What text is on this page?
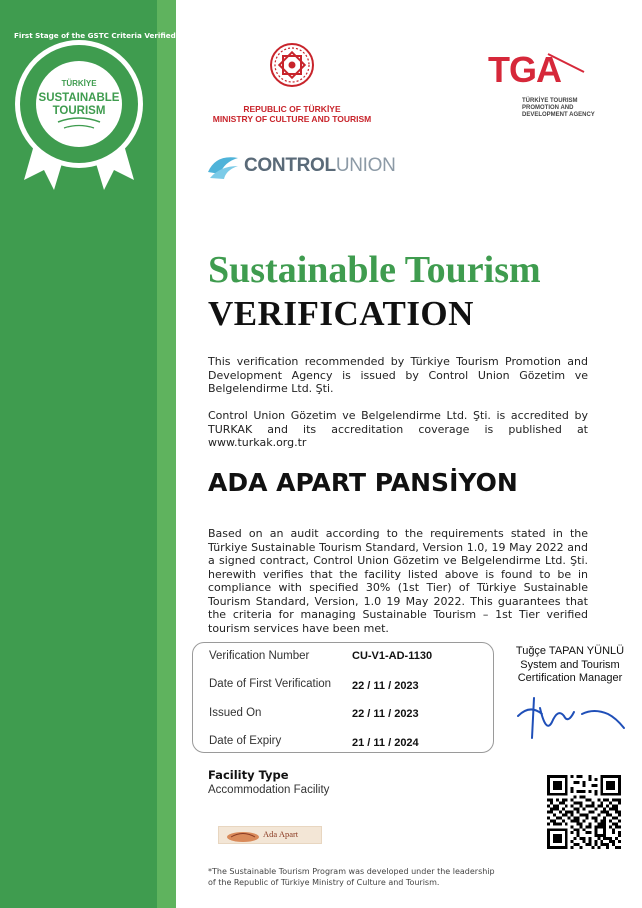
First Stage of the GSTC Criteria Verified
TÜRKİYE
SUSTAINABLE
TOURISM	REPUBLIC OF TÜRKİYE
MINISTRY OF CULTURE AND TOURISM
TGA
TÜRKİYE TOURISM
PROMOTION AND
DEVELOPMENT AGENCY
CONTROLUNION
Sustainable Tourism
VERIFICATION
This verification recommended by Türkiye Tourism Promotion and Development Agency is issued by Control Union Gözetim ve Belgelendirme Ltd. Şti.
Control Union Gözetim ve Belgelendirme Ltd. Şti. is accredited by TURKAK and its accreditation coverage is published at www.turkak.org.tr
ADA APART PANSİYON
Based on an audit according to the requirements stated in the Türkiye Sustainable Tourism Standard, Version 1.0, 19 May 2022 and a signed contract, Control Union Gözetim ve Belgelendirme Ltd. Şti. herewith verifies that the facility listed above is found to be in compliance with specified 30% (1st Tier) of Türkiye Sustainable Tourism Standard, Version, 1.0 19 May 2022. This guarantees that the criteria for managing Sustainable Tourism – 1st Tier verified tourism services have been met.
Verification Number	CU-V1-AD-1130
Date of First Verification 22 / 11 / 2023
Issued On	22 / 11 / 2023
Date of Expiry	21 / 11 / 2024
Tuğçe TAPAN YÜNLÜ
System and Tourism
Certification Manager
Facility Type
Accommodation Facility
Ada Apart
*The Sustainable Tourism Program was developed under the leadership
of the Republic of Türkiye Ministry of Culture and Tourism.
